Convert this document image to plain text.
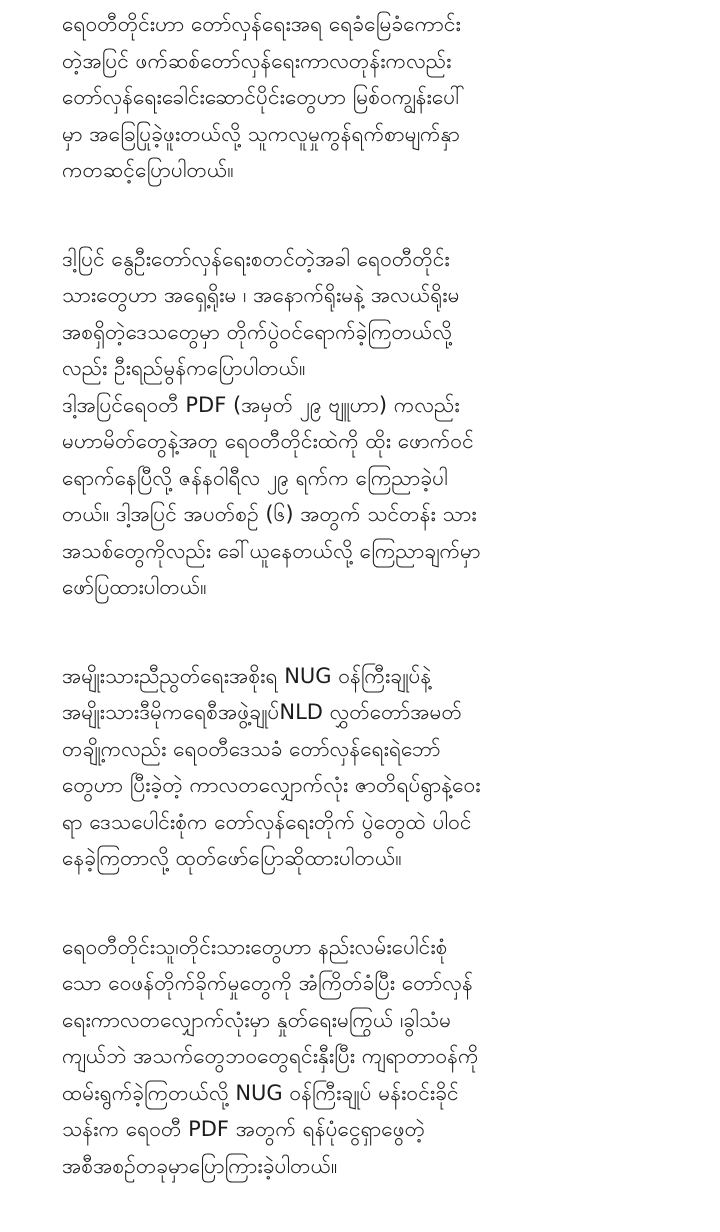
ရေဝတီတိုင်းဟာ တော်လှန်ရေးအရ ရေခံမြေခံကောင်း
တဲ့အပြင် ဖက်ဆစ်တော်လှန်ရေးကာလတုန်းကလည်း
တော်လှန်ရေးခေါင်းဆောင်ပိုင်းတွေဟာ မြစ်ဝကျွန်းပေါ်
မှာ အခြေပြုခဲ့ဖူးတယ်လို့ သူကလူမှုကွန်ရက်စာမျက်နှာ
ကတဆင့်ပြောပါတယ်။
ဒါ့ပြင် နွေဦးတော်လှန်ရေးစတင်တဲ့အခါ ရေဝတီတိုင်း
သားတွေဟာ အရှေ့ရိုးမ ၊ အနောက်ရိုးမနဲ့ အလယ်ရိုးမ
အစရှိတဲ့ဒေသတွေမှာ တိုက်ပွဲဝင်ရောက်ခဲ့ကြတယ်လို့
လည်း ဦးရည်မွန်ကပြောပါတယ်။
ဒါ့အပြင်ရေဝတီ PDF (အမှတ် ၂၉ ဗျူဟာ) ကလည်း
မဟာမိတ်တွေနဲ့အတူ ရေဝတီတိုင်းထဲကို ထိုး ဖောက်ဝင်
ရောက်နေပြီလို့ ဇန်နဝါရီလ ၂၉ ရက်က ကြေညာခဲ့ပါ
တယ်။ ဒါ့အပြင် အပတ်စဉ် (၆) အတွက် သင်တန်း သား
အသစ်တွေကိုလည်း ခေါ်ယူနေတယ်လို့ ကြေညာချက်မှာ
ဖော်ပြထားပါတယ်။
အမျိုးသားညီညွတ်ရေးအစိုးရ NUG ဝန်ကြီးချုပ်နဲ့
အမျိုးသားဒီမိုကရေစီအဖွဲ့ချုပ်NLD လွှတ်တော်အမတ်
တချို့ကလည်း ရေဝတီဒေသခံ တော်လှန်ရေးရဲဘော်
တွေဟာ ပြီးခဲ့တဲ့ ကာလတလျှောက်လုံး ဇာတိရပ်ရွာနဲ့ဝေး
ရာ ဒေသပေါင်းစုံက တော်လှန်ရေးတိုက် ပွဲတွေထဲ ပါဝင်
နေခဲ့ကြတာလို့ ထုတ်ဖော်ပြောဆိုထားပါတယ်။
ရေဝတီတိုင်းသူ၊တိုင်းသားတွေဟာ နည်းလမ်းပေါင်းစုံ
သော ဝေဖန်တိုက်ခိုက်မှုတွေကို အံကြိတ်ခံပြီး တော်လှန်
ရေးကာလတလျှောက်လုံးမှာ နှုတ်ရေးမကြွယ် ၊ခွါသံမ
ကျယ်ဘဲ အသက်တွေဘဝတွေရင်းနှီးပြီး ကျရာတာဝန်ကို
ထမ်းရွက်ခဲ့ကြတယ်လို့ NUG ဝန်ကြီးချုပ် မန်းဝင်းခိုင်
သန်းက ရေဝတီ PDF အတွက် ရန်ပုံငွေရှာဖွေတဲ့
အစီအစဉ်တခုမှာပြောကြားခဲ့ပါတယ်။
